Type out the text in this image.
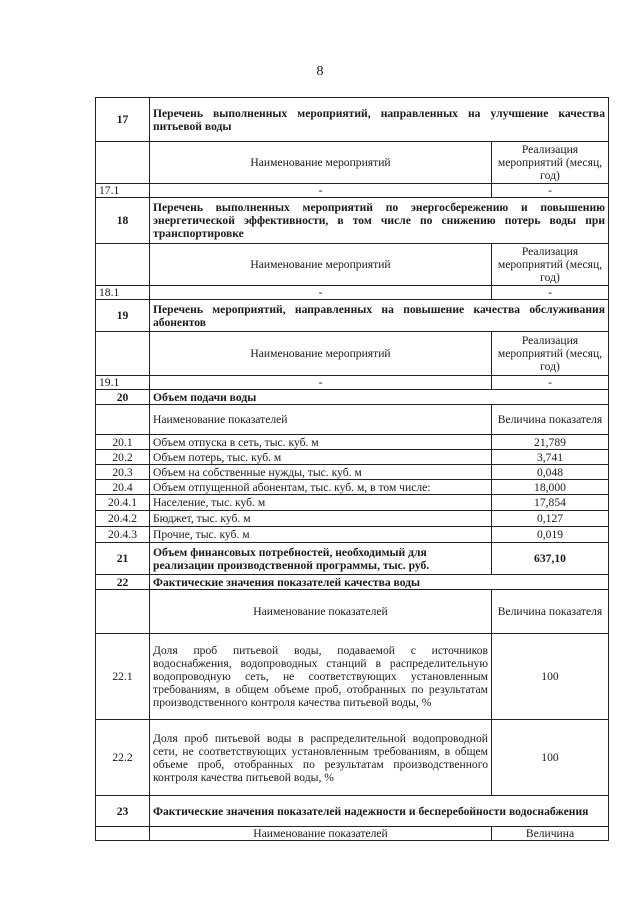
8
17	Перечень выполненных мероприятий, направленных на улучшение качества питьевой воды	
	Наименование мероприятий	Реализация мероприятий (месяц, год)
17.1	-	-
18	Перечень выполненных мероприятий по энергосбережению и повышению энергетической эффективности, в том числе по снижению потерь воды при транспортировке	
	Наименование мероприятий	Реализация мероприятий (месяц, год)
18.1	-	-
19	Перечень мероприятий, направленных на повышение качества обслуживания абонентов	
	Наименование мероприятий	Реализация мероприятий (месяц, год)
19.1	-	-
20	Объем подачи воды	
	Наименование показателей	Величина показателя
20.1	Объем отпуска в сеть, тыс. куб. м	21,789
20.2	Объем потерь, тыс. куб. м	3,741
20.3	Объем на собственные нужды, тыс. куб. м	0,048
20.4	Объем отпущенной абонентам, тыс. куб. м, в том числе:	18,000
20.4.1	Население, тыс. куб. м	17,854
20.4.2	Бюджет, тыс. куб. м	0,127
20.4.3	Прочие, тыс. куб. м	0,019
21	Объем финансовых потребностей, необходимый для реализации производственной программы, тыс. руб.	637,10
22	Фактические значения показателей качества воды	
	Наименование показателей	Величина показателя
22.1	Доля проб питьевой воды, подаваемой с источников водоснабжения, водопроводных станций в распределительную водопроводную сеть, не соответствующих установленным требованиям, в общем объеме проб, отобранных по результатам производственного контроля качества питьевой воды, %	100
22.2	Доля проб питьевой воды в распределительной водопроводной сети, не соответствующих установленным требованиям, в общем объеме проб, отобранных по результатам производственного контроля качества питьевой воды, %	100
23	Фактические значения показателей надежности и бесперебойности водоснабжения	
	Наименование показателей	Величина
